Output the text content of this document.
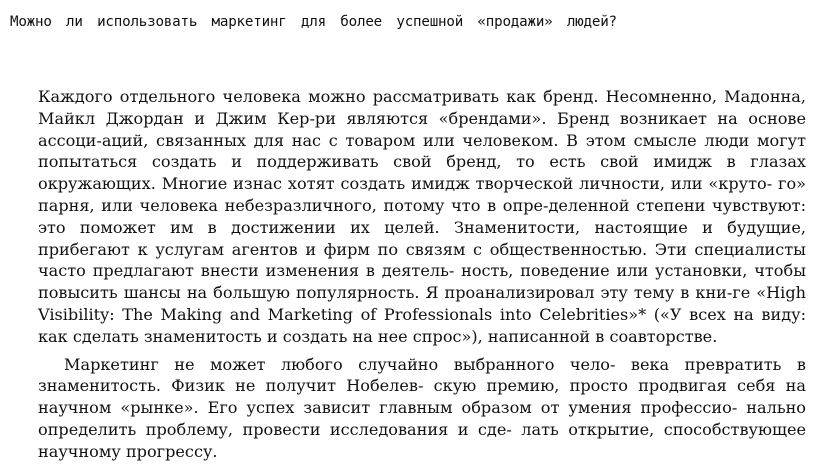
Можно ли использовать маркетинг для более успешной «продажи» людей?

Каждого отдельного человека можно рассматривать как бренд. Несомненно, Мадонна, Майкл Джордан и Джим Кер-ри являются «брендами». Бренд возникает на основе ассоци-аций, связанных для нас с товаром или человеком. В этом смысле люди могут попытаться создать и поддерживать свой бренд, то есть свой имидж в глазах окружающих. Многие изнас хотят создать имидж творческой личности, или «круто- го» парня, или человека небезразличного, потому что в опре-деленной степени чувствуют: это поможет им в достижении их целей. Знаменитости, настоящие и будущие, прибегают к услугам агентов и фирм по связям с общественностью. Эти специалисты часто предлагают внести изменения в деятель- ность, поведение или установки, чтобы повысить шансы на большую популярность. Я проанализировал эту тему в кни-ге «High Visibility: The Making and Marketing of Professionals into Celebrities»* («У всех на виду: как сделать знаменитость и создать на нее спрос»), написанной в соавторстве.

Маркетинг не может любого случайно выбранного чело- века превратить в знаменитость. Физик не получит Нобелев- скую премию, просто продвигая себя на научном «рынке». Его успех зависит главным образом от умения профессио- нально определить проблему, провести исследования и сде- лать открытие, способствующее научному прогрессу.
